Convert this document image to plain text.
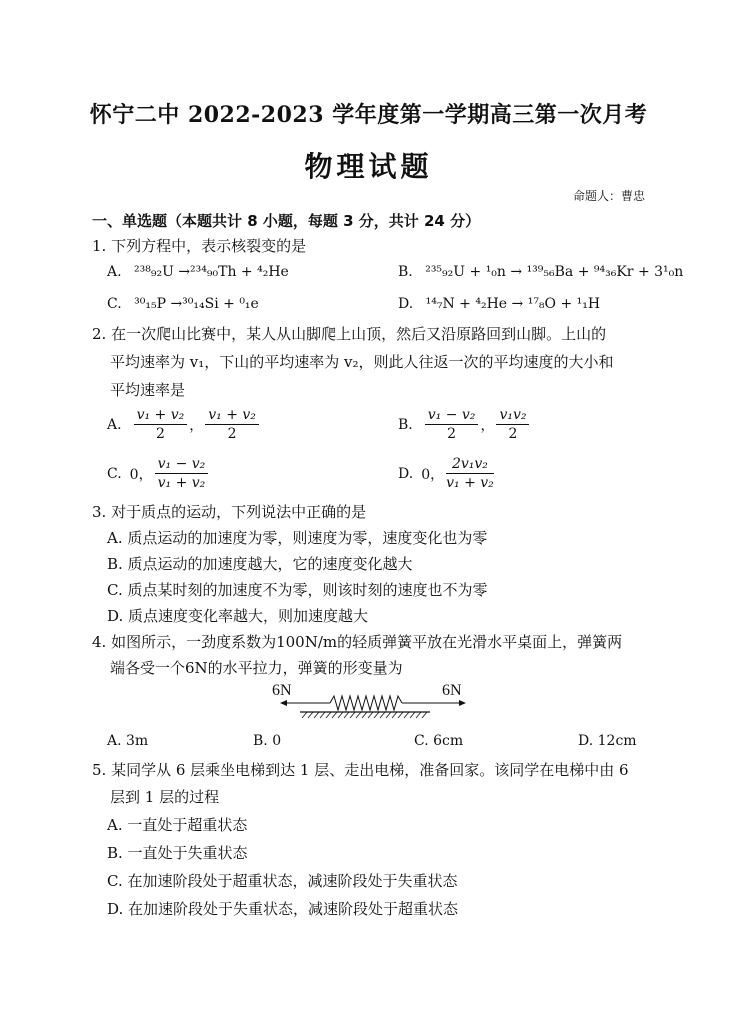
怀宁二中 2022-2023 学年度第一学期高三第一次月考
物理试题
命题人：曹忠
一、单选题（本题共计 8 小题，每题 3 分，共计 24 分）
1. 下列方程中，表示核裂变的是
A. ²³⁸₉₂U →²³⁴₉₀Th + ⁴₂He	B. ²³⁵₉₂U + ¹₀n → ¹³⁹₅₆Ba + ⁹⁴₃₆Kr + 3¹₀n
C. ³⁰₁₅P →³⁰₁₄Si + ⁰₁e	D. ¹⁴₇N + ⁴₂He → ¹⁷₈O + ¹₁H
2. 在一次爬山比赛中，某人从山脚爬上山顶，然后又沿原路回到山脚。上山的
平均速率为 v₁，下山的平均速率为 v₂，则此人往返一次的平均速度的大小和
平均速率是
A. $\frac{\text{v₁ + v₂}}{2}$ ， $\frac{\text{v₁ + v₂}}{2}$	B. $\frac{\text{v₁ − v₂}}{2}$ ， $\frac{\text{v₁v₂}}{2}$
C. 0， $\frac{\text{v₁ − v₂}}{\text{v₁ + v₂}}$	D. 0， $\frac{\text{2v₁v₂}}{\text{v₁ + v₂}}$
3. 对于质点的运动，下列说法中正确的是
A. 质点运动的加速度为零，则速度为零，速度变化也为零
B. 质点运动的加速度越大，它的速度变化越大
C. 质点某时刻的加速度不为零，则该时刻的速度也不为零
D. 质点速度变化率越大，则加速度越大
4. 如图所示，一劲度系数为100N/m的轻质弹簧平放在光滑水平桌面上，弹簧两
端各受一个6N的水平拉力，弹簧的形变量为
6N	6N
A. 3m	B. 0	C. 6cm	D. 12cm
5. 某同学从 6 层乘坐电梯到达 1 层、走出电梯，准备回家。该同学在电梯中由 6
层到 1 层的过程
A. 一直处于超重状态
B. 一直处于失重状态
C. 在加速阶段处于超重状态，减速阶段处于失重状态
D. 在加速阶段处于失重状态，减速阶段处于超重状态
